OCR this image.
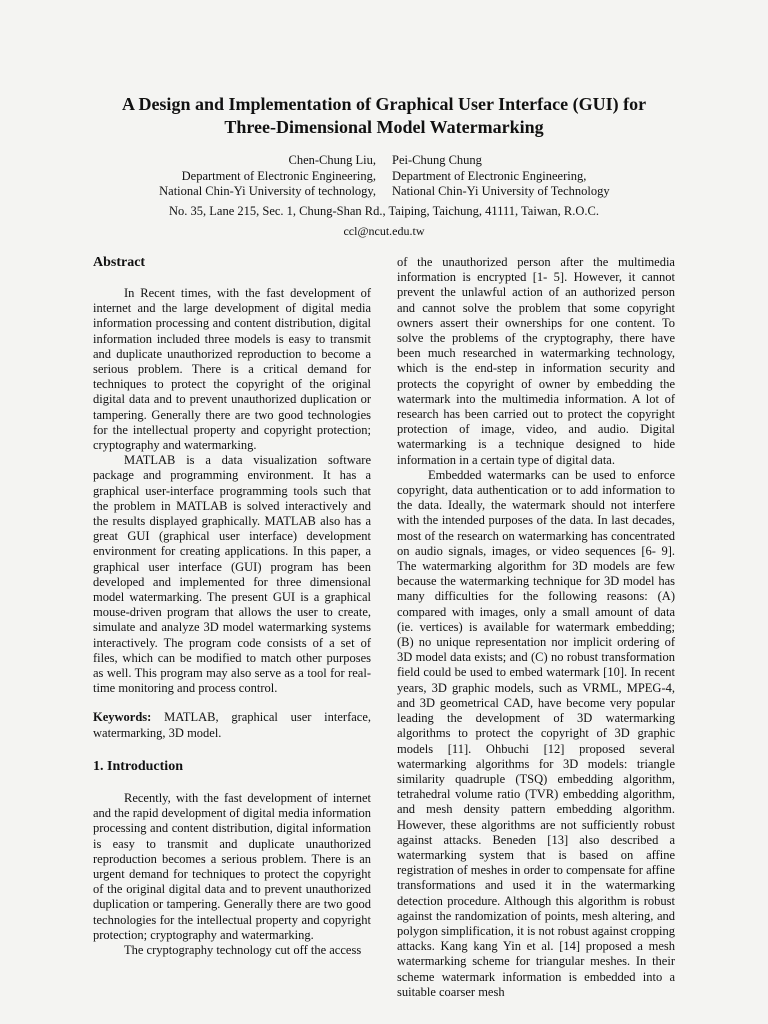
A Design and Implementation of Graphical User Interface (GUI) for
Three-Dimensional Model Watermarking
Chen-Chung Liu,
Department of Electronic Engineering,
National Chin-Yi University of technology,
Pei-Chung Chung
Department of Electronic Engineering,
National Chin-Yi University of Technology
No. 35, Lane 215, Sec. 1, Chung-Shan Rd., Taiping, Taichung, 41111, Taiwan, R.O.C.
ccl@ncut.edu.tw
Abstract

In Recent times, with the fast development of internet and the large development of digital media information processing and content distribution, digital information included three models is easy to transmit and duplicate unauthorized reproduction to become a serious problem. There is a critical demand for techniques to protect the copyright of the original digital data and to prevent unauthorized duplication or tampering. Generally there are two good technologies for the intellectual property and copyright protection; cryptography and watermarking.

MATLAB is a data visualization software package and programming environment. It has a graphical user-interface programming tools such that the problem in MATLAB is solved interactively and the results displayed graphically. MATLAB also has a great GUI (graphical user interface) development environment for creating applications. In this paper, a graphical user interface (GUI) program has been developed and implemented for three dimensional model watermarking. The present GUI is a graphical mouse-driven program that allows the user to create, simulate and analyze 3D model watermarking systems interactively. The program code consists of a set of files, which can be modified to match other purposes as well. This program may also serve as a tool for real-time monitoring and process control.

Keywords: MATLAB, graphical user interface, watermarking, 3D model.

1. Introduction

Recently, with the fast development of internet and the rapid development of digital media information processing and content distribution, digital information is easy to transmit and duplicate unauthorized reproduction becomes a serious problem. There is an urgent demand for techniques to protect the copyright of the original digital data and to prevent unauthorized duplication or tampering. Generally there are two good technologies for the intellectual property and copyright protection; cryptography and watermarking.

The cryptography technology cut off the access

of the unauthorized person after the multimedia information is encrypted [1- 5]. However, it cannot prevent the unlawful action of an authorized person and cannot solve the problem that some copyright owners assert their ownerships for one content. To solve the problems of the cryptography, there have been much researched in watermarking technology, which is the end-step in information security and protects the copyright of owner by embedding the watermark into the multimedia information. A lot of research has been carried out to protect the copyright protection of image, video, and audio. Digital watermarking is a technique designed to hide information in a certain type of digital data.

Embedded watermarks can be used to enforce copyright, data authentication or to add information to the data. Ideally, the watermark should not interfere with the intended purposes of the data. In last decades, most of the research on watermarking has concentrated on audio signals, images, or video sequences [6- 9]. The watermarking algorithm for 3D models are few because the watermarking technique for 3D model has many difficulties for the following reasons: (A) compared with images, only a small amount of data (ie. vertices) is available for watermark embedding; (B) no unique representation nor implicit ordering of 3D model data exists; and (C) no robust transformation field could be used to embed watermark [10]. In recent years, 3D graphic models, such as VRML, MPEG-4, and 3D geometrical CAD, have become very popular leading the development of 3D watermarking algorithms to protect the copyright of 3D graphic models [11]. Ohbuchi [12] proposed several watermarking algorithms for 3D models: triangle similarity quadruple (TSQ) embedding algorithm, tetrahedral volume ratio (TVR) embedding algorithm, and mesh density pattern embedding algorithm. However, these algorithms are not sufficiently robust against attacks. Beneden [13] also described a watermarking system that is based on affine registration of meshes in order to compensate for affine transformations and used it in the watermarking detection procedure. Although this algorithm is robust against the randomization of points, mesh altering, and polygon simplification, it is not robust against cropping attacks. Kang kang Yin et al. [14] proposed a mesh watermarking scheme for triangular meshes. In their scheme watermark information is embedded into a suitable coarser mesh
